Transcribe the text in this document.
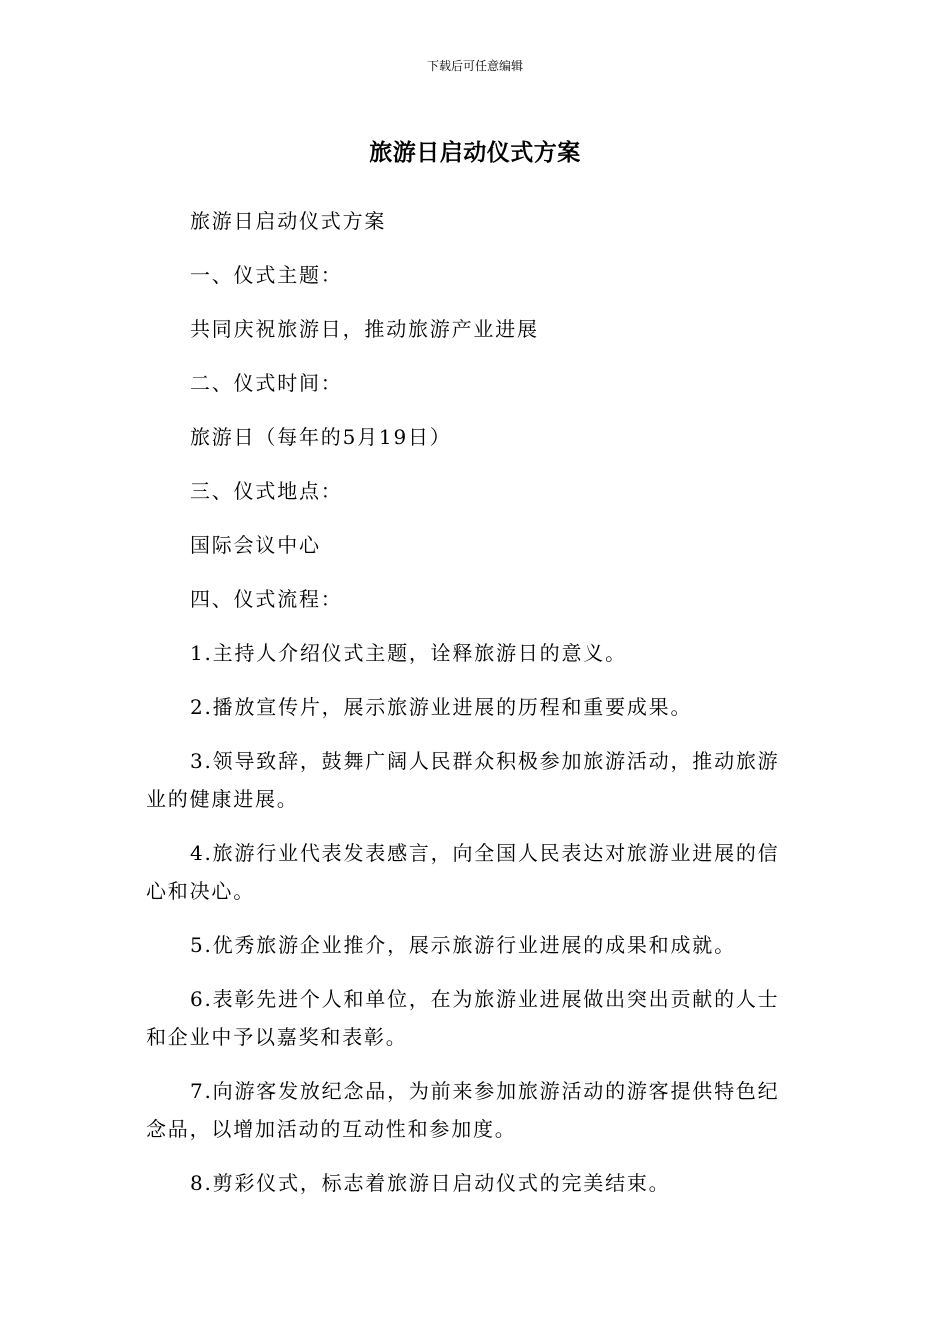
下载后可任意编辑
旅游日启动仪式方案

旅游日启动仪式方案

一、仪式主题：

共同庆祝旅游日，推动旅游产业进展

二、仪式时间：

旅游日（每年的5月19日）

三、仪式地点：

国际会议中心

四、仪式流程：

1.主持人介绍仪式主题，诠释旅游日的意义。

2.播放宣传片，展示旅游业进展的历程和重要成果。

3.领导致辞，鼓舞广阔人民群众积极参加旅游活动，推动旅游业的健康进展。

4.旅游行业代表发表感言，向全国人民表达对旅游业进展的信心和决心。

5.优秀旅游企业推介，展示旅游行业进展的成果和成就。

6.表彰先进个人和单位，在为旅游业进展做出突出贡献的人士和企业中予以嘉奖和表彰。

7.向游客发放纪念品，为前来参加旅游活动的游客提供特色纪念品，以增加活动的互动性和参加度。

8.剪彩仪式，标志着旅游日启动仪式的完美结束。
